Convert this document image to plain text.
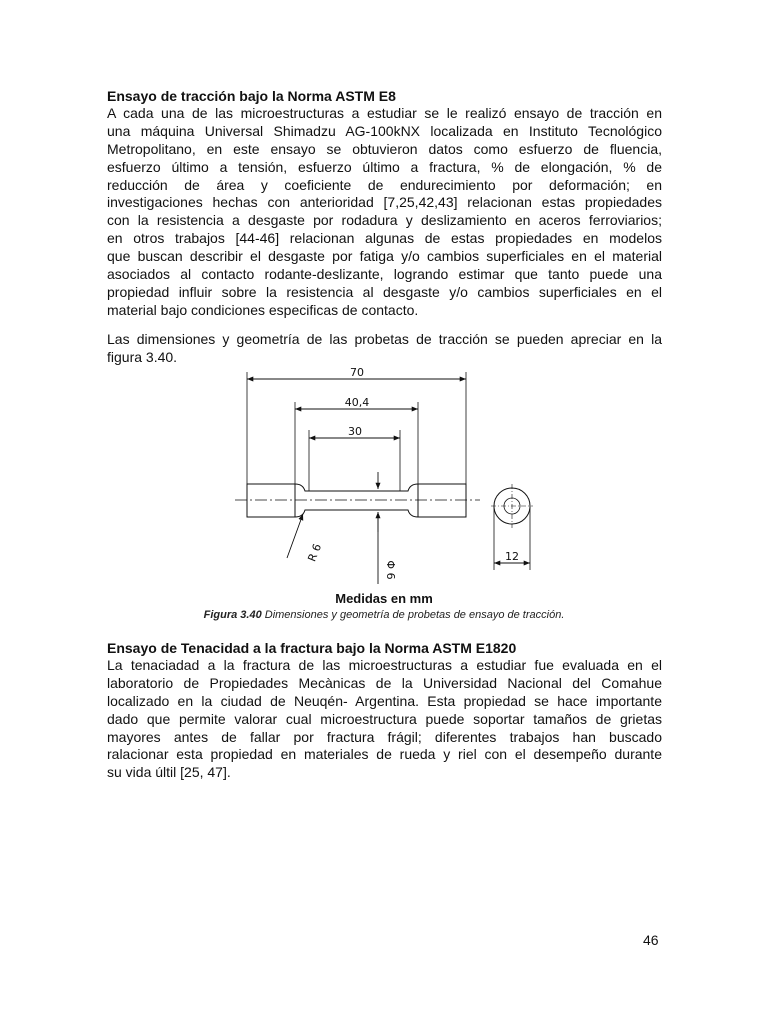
Ensayo de tracción bajo la Norma ASTM E8
A cada una de las microestructuras a estudiar se le realizó ensayo de tracción en
una máquina Universal Shimadzu AG-100kNX localizada en Instituto Tecnológico
Metropolitano, en este ensayo se obtuvieron datos como esfuerzo de fluencia,
esfuerzo último a tensión, esfuerzo último a fractura, % de elongación, % de
reducción de área y coeficiente de endurecimiento por deformación; en
investigaciones hechas con anterioridad [7,25,42,43] relacionan estas propiedades
con la resistencia a desgaste por rodadura y deslizamiento en aceros ferroviarios;
en otros trabajos [44-46] relacionan algunas de estas propiedades en modelos
que buscan describir el desgaste por fatiga y/o cambios superficiales en el material
asociados al contacto rodante-deslizante, logrando estimar que tanto puede una
propiedad influir sobre la resistencia al desgaste y/o cambios superficiales en el
material bajo condiciones especificas de contacto.
Las dimensiones y geometría de las probetas de tracción se pueden apreciar en la
figura 3.40.
70
40,4
30
R 6
Φ 6
12
Medidas en mm
Figura 3.40 Dimensiones y geometría de probetas de ensayo de tracción.
Ensayo de Tenacidad a la fractura bajo la Norma ASTM E1820
La tenaciadad a la fractura de las microestructuras a estudiar fue evaluada en el
laboratorio de Propiedades Mecànicas de la Universidad Nacional del Comahue
localizado en la ciudad de Neuqén- Argentina. Esta propiedad se hace importante
dado que permite valorar cual microestructura puede soportar tamaños de grietas
mayores antes de fallar por fractura frágil; diferentes trabajos han buscado
ralacionar esta propiedad en materiales de rueda y riel con el desempeño durante
su vida últil [25, 47].
46
